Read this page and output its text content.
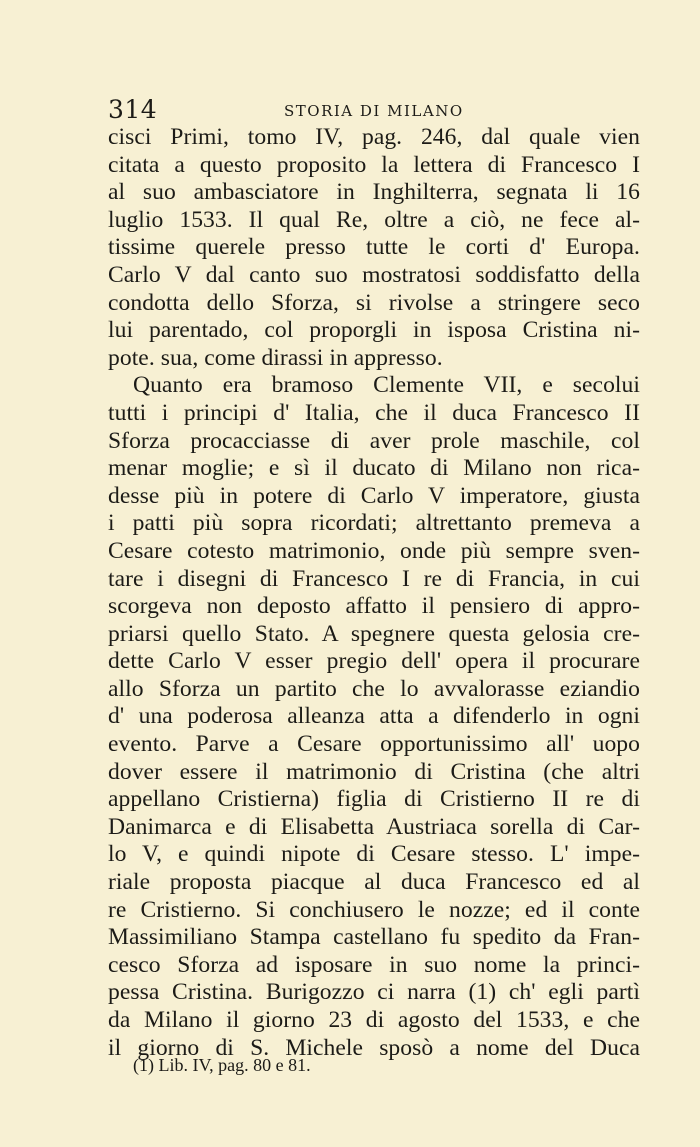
314	STORIA DI MILANO
cisci Primi, tomo IV, pag. 246, dal quale vien
citata a questo proposito la lettera di Francesco I
al suo ambasciatore in Inghilterra, segnata li 16
luglio 1533. Il qual Re, oltre a ciò, ne fece al-
tissime querele presso tutte le corti d' Europa.
Carlo V dal canto suo mostratosi soddisfatto della
condotta dello Sforza, si rivolse a stringere seco
lui parentado, col proporgli in isposa Cristina ni-
pote. sua, come dirassi in appresso.
Quanto era bramoso Clemente VII, e secolui
tutti i principi d' Italia, che il duca Francesco II
Sforza procacciasse di aver prole maschile, col
menar moglie; e sì il ducato di Milano non rica-
desse più in potere di Carlo V imperatore, giusta
i patti più sopra ricordati; altrettanto premeva a
Cesare cotesto matrimonio, onde più sempre sven-
tare i disegni di Francesco I re di Francia, in cui
scorgeva non deposto affatto il pensiero di appro-
priarsi quello Stato. A spegnere questa gelosia cre-
dette Carlo V esser pregio dell' opera il procurare
allo Sforza un partito che lo avvalorasse eziandio
d' una poderosa alleanza atta a difenderlo in ogni
evento. Parve a Cesare opportunissimo all' uopo
dover essere il matrimonio di Cristina (che altri
appellano Cristierna) figlia di Cristierno II re di
Danimarca e di Elisabetta Austriaca sorella di Car-
lo V, e quindi nipote di Cesare stesso. L' impe-
riale proposta piacque al duca Francesco ed al
re Cristierno. Si conchiusero le nozze; ed il conte
Massimiliano Stampa castellano fu spedito da Fran-
cesco Sforza ad isposare in suo nome la princi-
pessa Cristina. Burigozzo ci narra (1) ch' egli partì
da Milano il giorno 23 di agosto del 1533, e che
il giorno di S. Michele sposò a nome del Duca
(1) Lib. IV, pag. 80 e 81.
